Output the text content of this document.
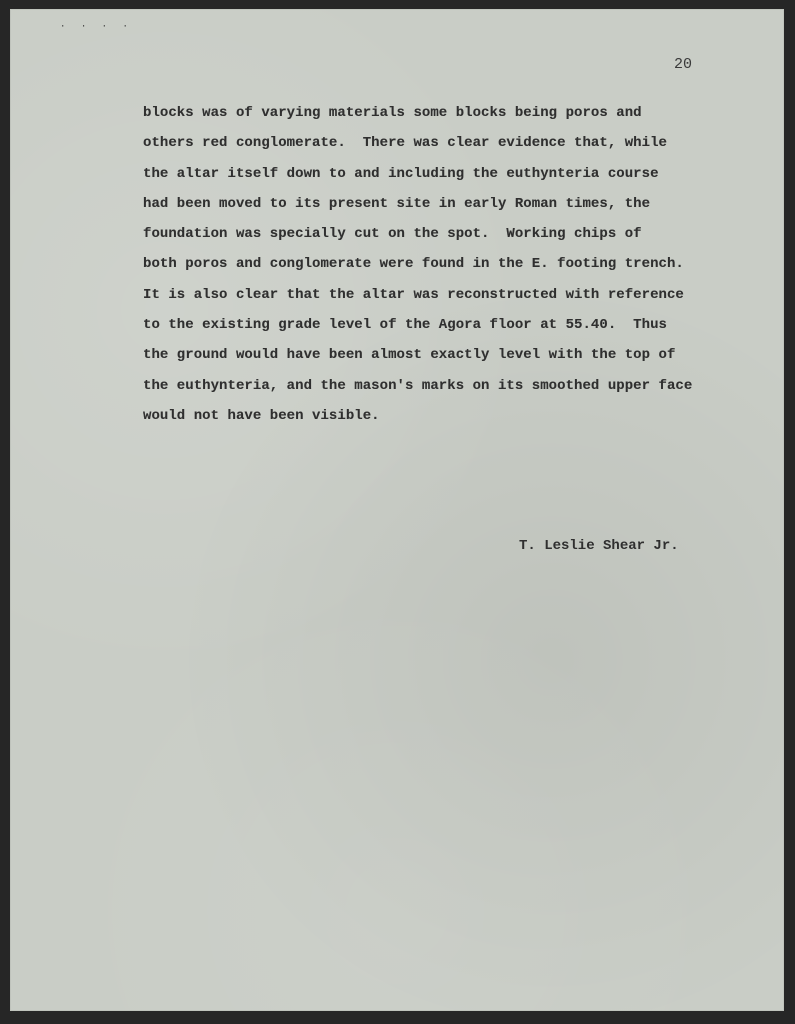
· · · ·
20
blocks was of varying materials some blocks being poros and
others red conglomerate.  There was clear evidence that, while
the altar itself down to and including the euthynteria course
had been moved to its present site in early Roman times, the
foundation was specially cut on the spot.  Working chips of
both poros and conglomerate were found in the E. footing trench.
It is also clear that the altar was reconstructed with reference
to the existing grade level of the Agora floor at 55.40.  Thus
the ground would have been almost exactly level with the top of
the euthynteria, and the mason's marks on its smoothed upper face
would not have been visible.
T. Leslie Shear Jr.
